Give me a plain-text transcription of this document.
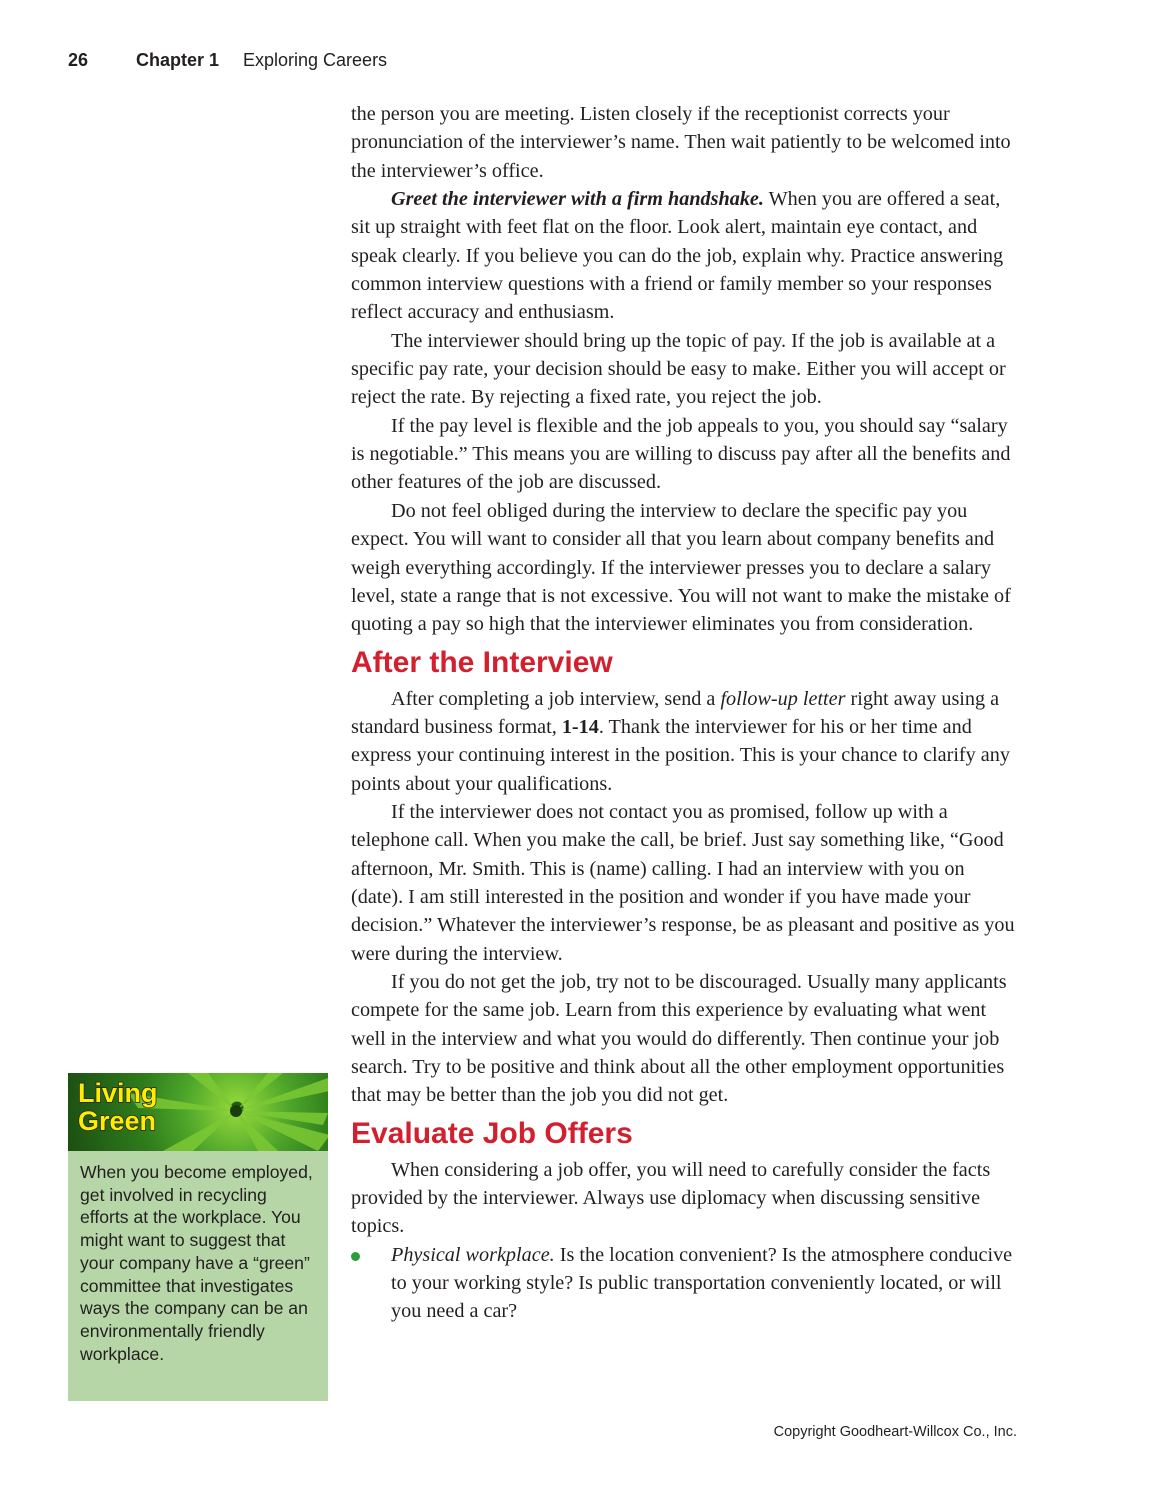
26	Chapter 1 Exploring Careers

the person you are meeting. Listen closely if the receptionist corrects your pronunciation of the interviewer’s name. Then wait patiently to be welcomed into the interviewer’s office.

Greet the interviewer with a firm handshake. When you are offered a seat, sit up straight with feet flat on the floor. Look alert, maintain eye contact, and speak clearly. If you believe you can do the job, explain why. Practice answering common interview questions with a friend or family member so your responses reflect accuracy and enthusiasm.

The interviewer should bring up the topic of pay. If the job is available at a specific pay rate, your decision should be easy to make. Either you will accept or reject the rate. By rejecting a fixed rate, you reject the job.

If the pay level is flexible and the job appeals to you, you should say “salary is negotiable.” This means you are willing to discuss pay after all the benefits and other features of the job are discussed.

Do not feel obliged during the interview to declare the specific pay you expect. You will want to consider all that you learn about company benefits and weigh everything accordingly. If the interviewer presses you to declare a salary level, state a range that is not excessive. You will not want to make the mistake of quoting a pay so high that the interviewer eliminates you from consideration.

After the Interview

After completing a job interview, send a follow-up letter right away using a standard business format, 1-14. Thank the interviewer for his or her time and express your continuing interest in the position. This is your chance to clarify any points about your qualifications.

If the interviewer does not contact you as promised, follow up with a telephone call. When you make the call, be brief. Just say something like, “Good afternoon, Mr. Smith. This is (name) calling. I had an interview with you on (date). I am still interested in the position and wonder if you have made your decision.” Whatever the interviewer’s response, be as pleasant and positive as you were during the interview.

If you do not get the job, try not to be discouraged. Usually many applicants compete for the same job. Learn from this experience by evaluating what went well in the interview and what you would do differently. Then continue your job search. Try to be positive and think about all the other employment opportunities that may be better than the job you did not get.

Evaluate Job Offers

When considering a job offer, you will need to carefully consider the facts provided by the interviewer. Always use diplomacy when discussing sensitive topics.

Physical workplace. Is the location convenient? Is the atmosphere conducive to your working style? Is public transportation conveniently located, or will you need a car?

Living
Green
When you become employed, get involved in recycling efforts at the workplace. You might want to suggest that your company have a “green” committee that investigates ways the company can be an environmentally friendly workplace.
Copyright Goodheart-Willcox Co., Inc.
